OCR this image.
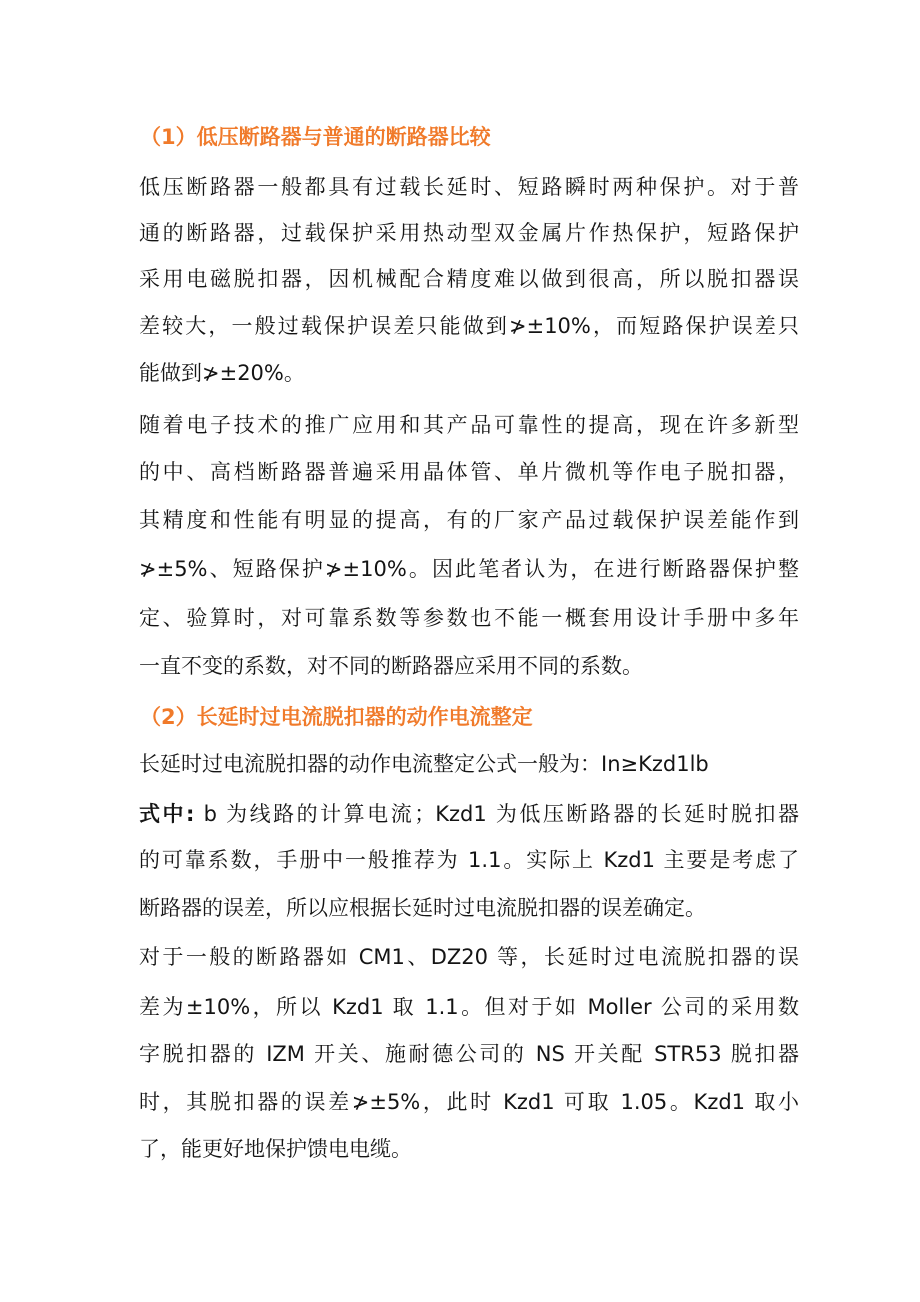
（1）低压断路器与普通的断路器比较
低压断路器一般都具有过载长延时、短路瞬时两种保护。对于普
通的断路器，过载保护采用热动型双金属片作热保护，短路保护
采用电磁脱扣器，因机械配合精度难以做到很高，所以脱扣器误
差较大，一般过载保护误差只能做到≯±10%，而短路保护误差只
能做到≯±20%。
随着电子技术的推广应用和其产品可靠性的提高，现在许多新型
的中、高档断路器普遍采用晶体管、单片微机等作电子脱扣器，
其精度和性能有明显的提高，有的厂家产品过载保护误差能作到
≯±5%、短路保护≯±10%。因此笔者认为，在进行断路器保护整
定、验算时，对可靠系数等参数也不能一概套用设计手册中多年
一直不变的系数，对不同的断路器应采用不同的系数。
（2）长延时过电流脱扣器的动作电流整定
长延时过电流脱扣器的动作电流整定公式一般为：In≥Kzd1lb
式中: b 为线路的计算电流；Kzd1 为低压断路器的长延时脱扣器
的可靠系数，手册中一般推荐为 1.1。实际上 Kzd1 主要是考虑了
断路器的误差，所以应根据长延时过电流脱扣器的误差确定。
对于一般的断路器如 CM1、DZ20 等，长延时过电流脱扣器的误
差为±10%，所以 Kzd1 取 1.1。但对于如 Moller 公司的采用数
字脱扣器的 IZM 开关、施耐德公司的 NS 开关配 STR53 脱扣器
时，其脱扣器的误差≯±5%，此时 Kzd1 可取 1.05。Kzd1 取小
了，能更好地保护馈电电缆。
